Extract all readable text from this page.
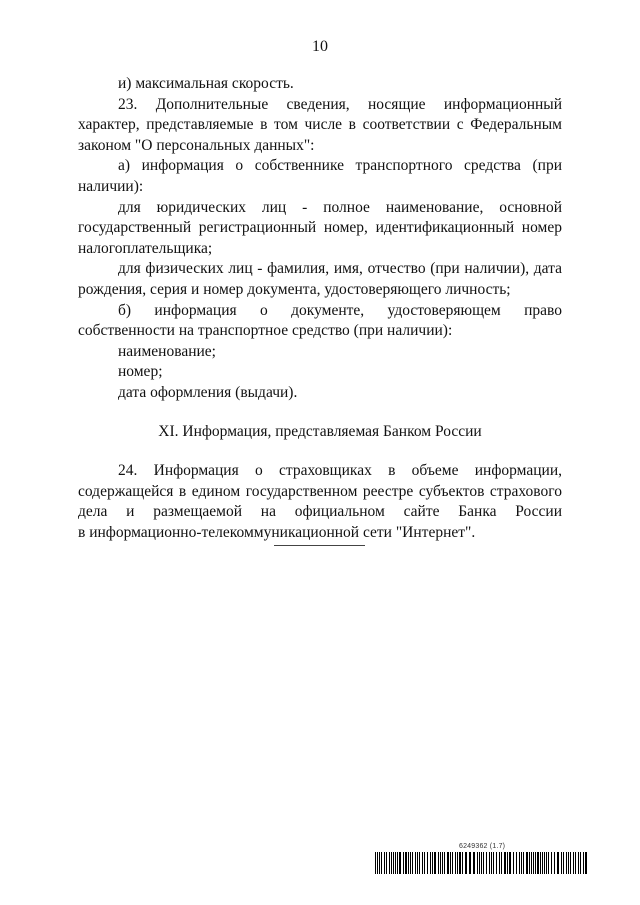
10

и) максимальная скорость.

23. Дополнительные сведения, носящие информационный характер, представляемые в том числе в соответствии с Федеральным законом "О персональных данных":

а) информация о собственнике транспортного средства (при наличии):

для юридических лиц - полное наименование, основной государственный регистрационный номер, идентификационный номер налогоплательщика;

для физических лиц - фамилия, имя, отчество (при наличии), дата рождения, серия и номер документа, удостоверяющего личность;

б) информация о документе, удостоверяющем право собственности на транспортное средство (при наличии):

наименование;

номер;

дата оформления (выдачи).

XI. Информация, представляемая Банком России

24. Информация о страховщиках в объеме информации, содержащейся в едином государственном реестре субъектов страхового дела и размещаемой на официальном сайте Банка России

в информационно-телекоммуникационной сети "Интернет".

6249362 (1.7)
